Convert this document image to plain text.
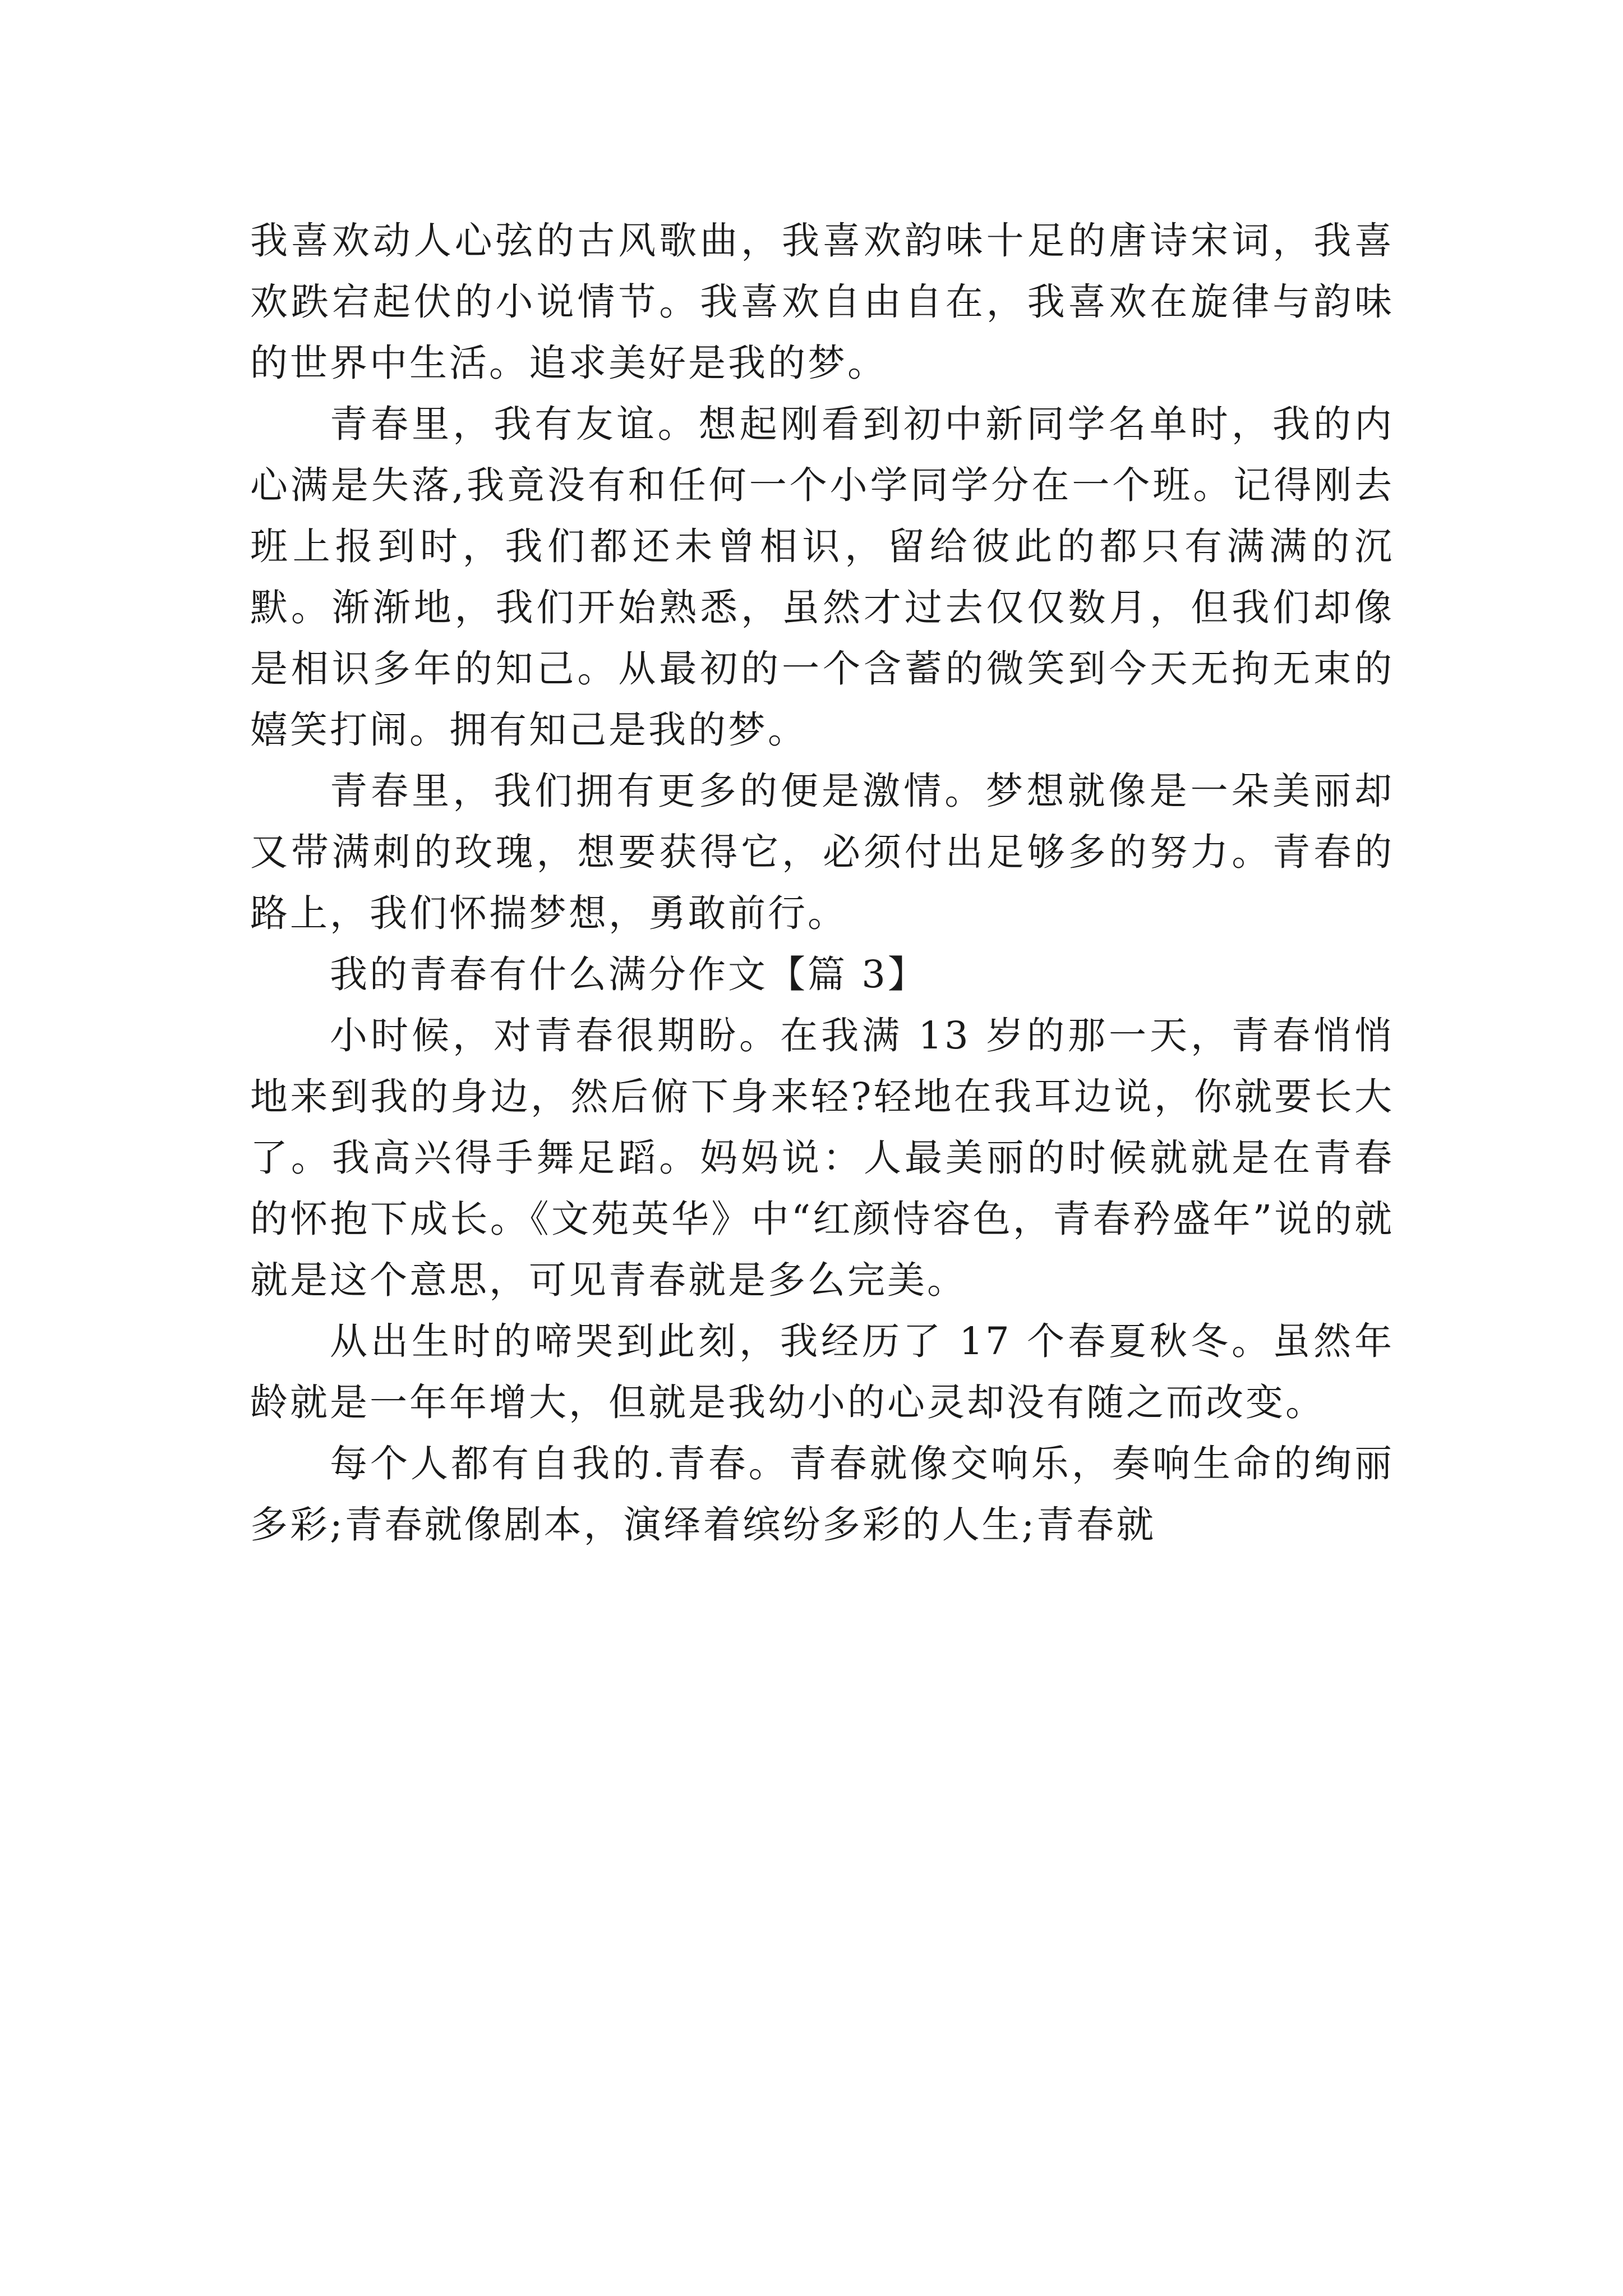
我喜欢动人心弦的古风歌曲，我喜欢韵味十足的唐诗宋词，我喜欢跌宕起伏的小说情节。我喜欢自由自在，我喜欢在旋律与韵味的世界中生活。追求美好是我的梦。

青春里，我有友谊。想起刚看到初中新同学名单时，我的内心满是失落,我竟没有和任何一个小学同学分在一个班。记得刚去班上报到时，我们都还未曾相识，留给彼此的都只有满满的沉默。渐渐地，我们开始熟悉，虽然才过去仅仅数月，但我们却像是相识多年的知己。从最初的一个含蓄的微笑到今天无拘无束的嬉笑打闹。拥有知己是我的梦。

青春里，我们拥有更多的便是激情。梦想就像是一朵美丽却又带满刺的玫瑰，想要获得它，必须付出足够多的努力。青春的路上，我们怀揣梦想，勇敢前行。

我的青春有什么满分作文【篇 3】

小时候，对青春很期盼。在我满 13 岁的那一天，青春悄悄地来到我的身边，然后俯下身来轻?轻地在我耳边说，你就要长大了。我高兴得手舞足蹈。妈妈说：人最美丽的时候就就是在青春的怀抱下成长。《文苑英华》中“红颜恃容色，青春矜盛年”说的就就是这个意思，可见青春就是多么完美。

从出生时的啼哭到此刻，我经历了 17 个春夏秋冬。虽然年龄就是一年年增大，但就是我幼小的心灵却没有随之而改变。

每个人都有自我的.青春。青春就像交响乐，奏响生命的绚丽多彩;青春就像剧本，演绎着缤纷多彩的人生;青春就
